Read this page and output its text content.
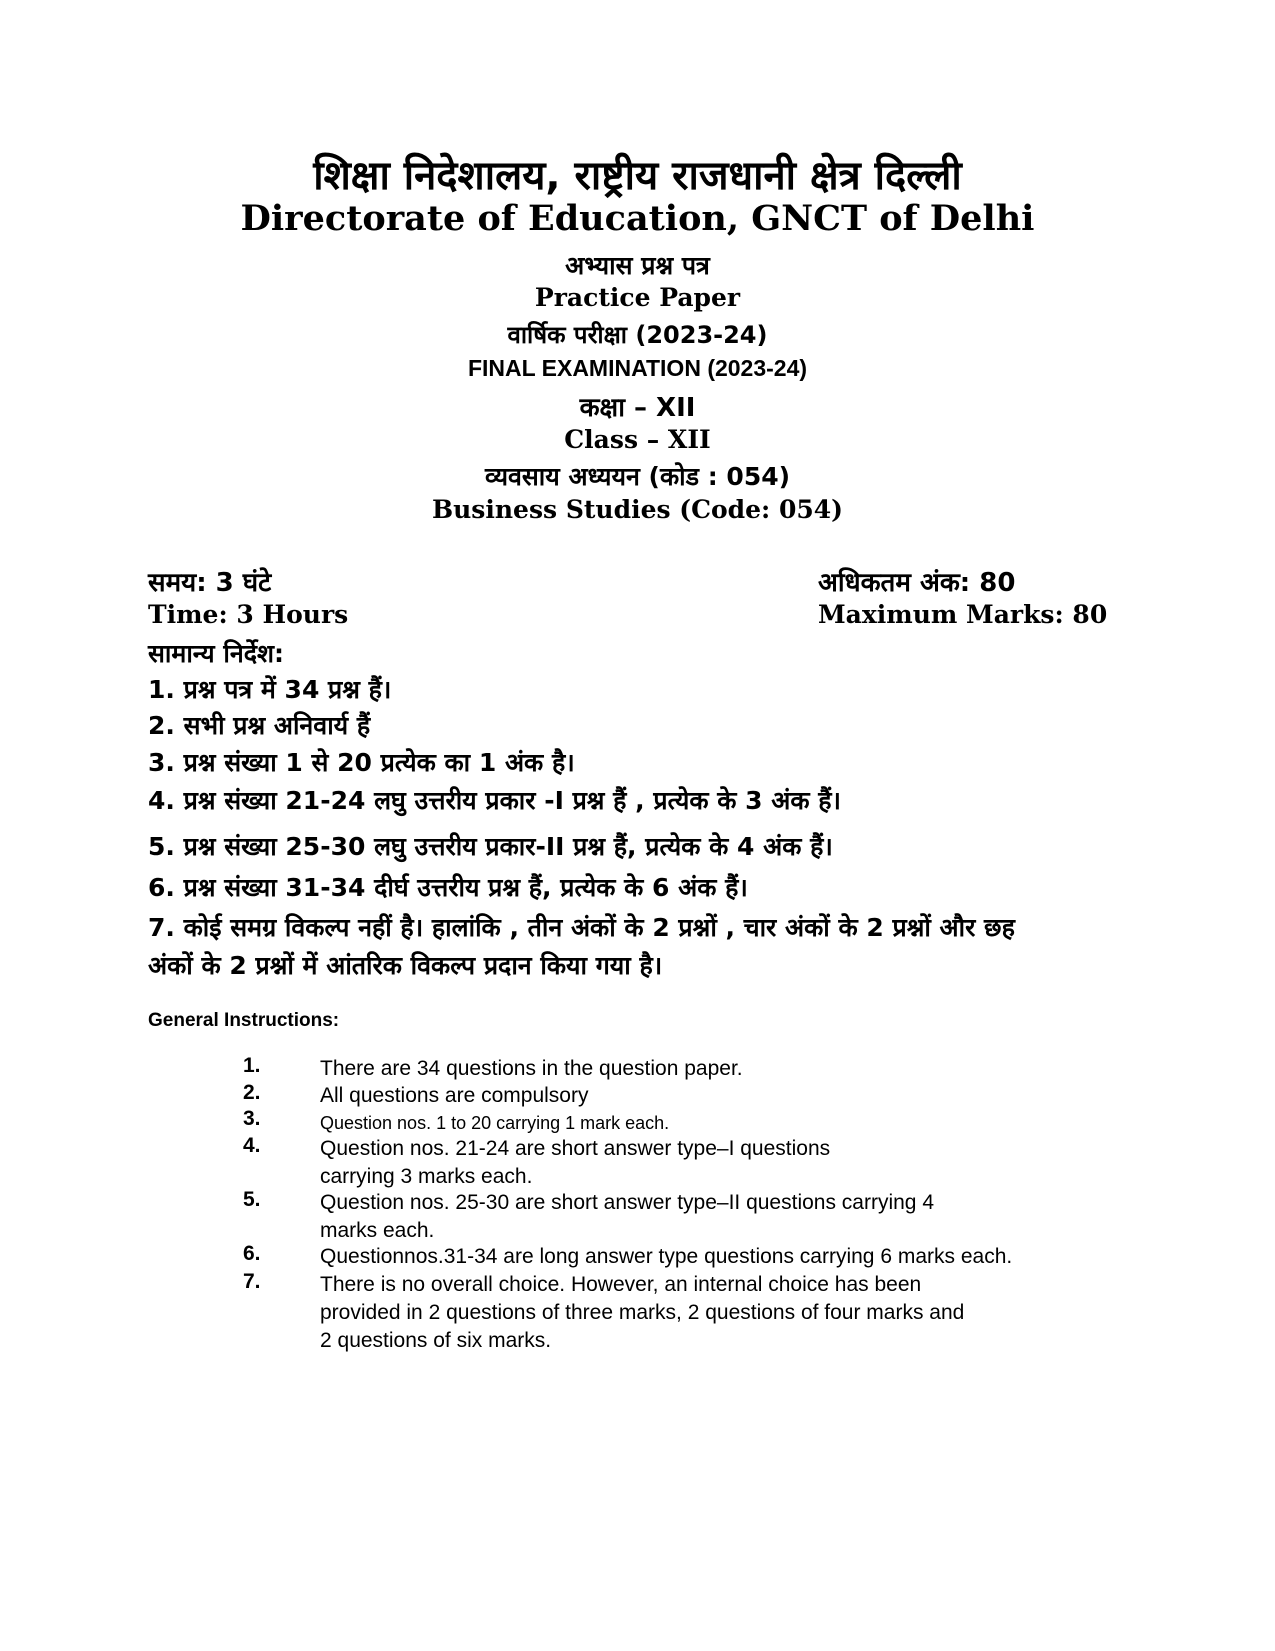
शिक्षा निदेशालय, राष्ट्रीय राजधानी क्षेत्र दिल्ली
Directorate of Education, GNCT of Delhi
अभ्यास प्रश्न पत्र
Practice Paper
वार्षिक परीक्षा (2023-24)
FINAL EXAMINATION (2023-24)
कक्षा – XII
Class – XII
व्यवसाय अध्ययन (कोड : 054)
Business Studies (Code: 054)
समय: 3 घंटे	अधिकतम अंक: 80
Time: 3 Hours	Maximum Marks: 80
सामान्य निर्देश:
1. प्रश्न पत्र में 34 प्रश्न हैं।
2. सभी प्रश्न अनिवार्य हैं
3. प्रश्न संख्या 1 से 20 प्रत्येक का 1 अंक है।
4. प्रश्न संख्या 21-24 लघु उत्तरीय प्रकार -I प्रश्न हैं , प्रत्येक के 3 अंक हैं।
5. प्रश्न संख्या 25-30 लघु उत्तरीय प्रकार-II प्रश्न हैं, प्रत्येक के 4 अंक हैं।
6. प्रश्न संख्या 31-34 दीर्घ उत्तरीय प्रश्न हैं, प्रत्येक के 6 अंक हैं।
7. कोई समग्र विकल्प नहीं है। हालांकि , तीन अंकों के 2 प्रश्नों , चार अंकों के 2 प्रश्नों और छह
अंकों के 2 प्रश्नों में आंतरिक विकल्प प्रदान किया गया है।
General Instructions:
1.	There are 34 questions in the question paper.
2.	All questions are compulsory
3.	Question nos. 1 to 20 carrying 1 mark each.
4.	Question nos. 21-24 are short answer type–I questions carrying 3 marks each.
5.	Question nos. 25-30 are short answer type–II questions carrying 4 marks each.
6.	Questionnos.31-34 are long answer type questions carrying 6 marks each.
7.	There is no overall choice. However, an internal choice has been provided in 2 questions of three marks, 2 questions of four marks and 2 questions of six marks.
